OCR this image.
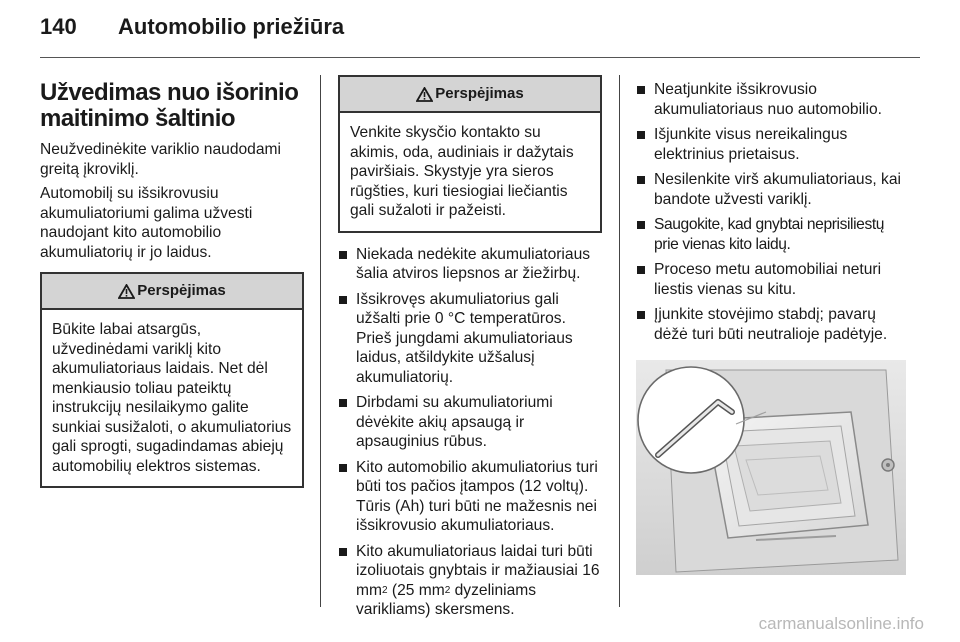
140	Automobilio priežiūra
Užvedimas nuo išorinio maitinimo šaltinio

Neužvedinėkite variklio naudodami greitą įkroviklį.

Automobilį su išsikrovusiu akumuliatoriumi galima užvesti naudojant kito automobilio akumuliatorių ir jo laidus.

Perspėjimas
Būkite labai atsargūs, užvedinėdami variklį kito akumuliatoriaus laidais. Net dėl menkiausio toliau pateiktų instrukcijų nesilaikymo galite sunkiai susižaloti, o akumuliatorius gali sprogti, sugadindamas abiejų automobilių elektros sistemas.
Perspėjimas
Venkite skysčio kontakto su akimis, oda, audiniais ir dažytais paviršiais. Skystyje yra sieros rūgšties, kuri tiesiogiai liečiantis gali sužaloti ir pažeisti.
Niekada nedėkite akumuliatoriaus šalia atviros liepsnos ar žiežirbų.
Išsikrovęs akumuliatorius gali užšalti prie 0 °C temperatūros. Prieš jungdami akumuliatoriaus laidus, atšildykite užšalusį akumuliatorių.
Dirbdami su akumuliatoriumi dėvėkite akių apsaugą ir apsauginius rūbus.
Kito automobilio akumuliatorius turi būti tos pačios įtampos (12 voltų). Tūris (Ah) turi būti ne mažesnis nei išsikrovusio akumuliatoriaus.
Kito akumuliatoriaus laidai turi būti izoliuotais gnybtais ir mažiausiai 16 $mm^2$ (25 $mm^2$ dyzeliniams varikliams) skersmens.
Neatjunkite išsikrovusio akumuliatoriaus nuo automobilio.
Išjunkite visus nereikalingus elektrinius prietaisus.
Nesilenkite virš akumuliatoriaus, kai bandote užvesti variklį.
Saugokite, kad gnybtai neprisiliestų prie vienas kito laidų.
Proceso metu automobiliai neturi liestis vienas su kitu.
Įjunkite stovėjimo stabdį; pavarų dėžė turi būti neutralioje padėtyje.
carmanualsonline.info
